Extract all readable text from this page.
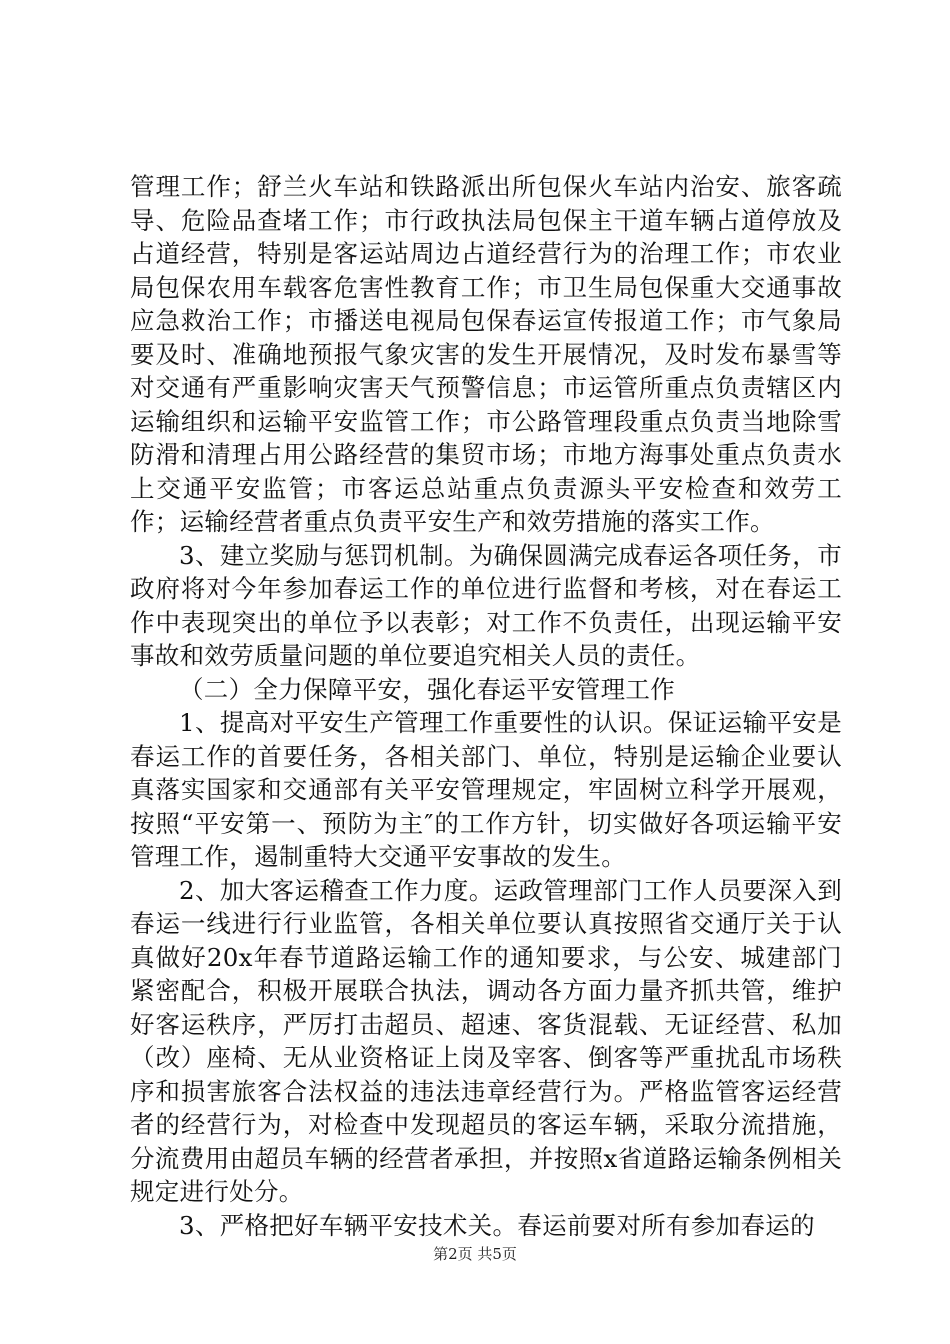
管理工作；舒兰火车站和铁路派出所包保火车站内治安、旅客疏导、危险品查堵工作；市行政执法局包保主干道车辆占道停放及占道经营，特别是客运站周边占道经营行为的治理工作；市农业局包保农用车载客危害性教育工作；市卫生局包保重大交通事故应急救治工作；市播送电视局包保春运宣传报道工作；市气象局要及时、准确地预报气象灾害的发生开展情况，及时发布暴雪等对交通有严重影响灾害天气预警信息；市运管所重点负责辖区内运输组织和运输平安监管工作；市公路管理段重点负责当地除雪防滑和清理占用公路经营的集贸市场；市地方海事处重点负责水上交通平安监管；市客运总站重点负责源头平安检查和效劳工作；运输经营者重点负责平安生产和效劳措施的落实工作。

3、建立奖励与惩罚机制。为确保圆满完成春运各项任务，市政府将对今年参加春运工作的单位进行监督和考核，对在春运工作中表现突出的单位予以表彰；对工作不负责任，出现运输平安事故和效劳质量问题的单位要追究相关人员的责任。

（二）全力保障平安，强化春运平安管理工作

1、提高对平安生产管理工作重要性的认识。保证运输平安是春运工作的首要任务，各相关部门、单位，特别是运输企业要认真落实国家和交通部有关平安管理规定，牢固树立科学开展观，按照“平安第一、预防为主″的工作方针，切实做好各项运输平安管理工作，遏制重特大交通平安事故的发生。

2、加大客运稽查工作力度。运政管理部门工作人员要深入到春运一线进行行业监管，各相关单位要认真按照省交通厅关于认真做好20x年春节道路运输工作的通知要求，与公安、城建部门紧密配合，积极开展联合执法，调动各方面力量齐抓共管，维护好客运秩序，严厉打击超员、超速、客货混载、无证经营、私加（改）座椅、无从业资格证上岗及宰客、倒客等严重扰乱市场秩序和损害旅客合法权益的违法违章经营行为。严格监管客运经营者的经营行为，对检查中发现超员的客运车辆，采取分流措施，分流费用由超员车辆的经营者承担，并按照x省道路运输条例相关规定进行处分。

3、严格把好车辆平安技术关。春运前要对所有参加春运的

第2页 共5页
